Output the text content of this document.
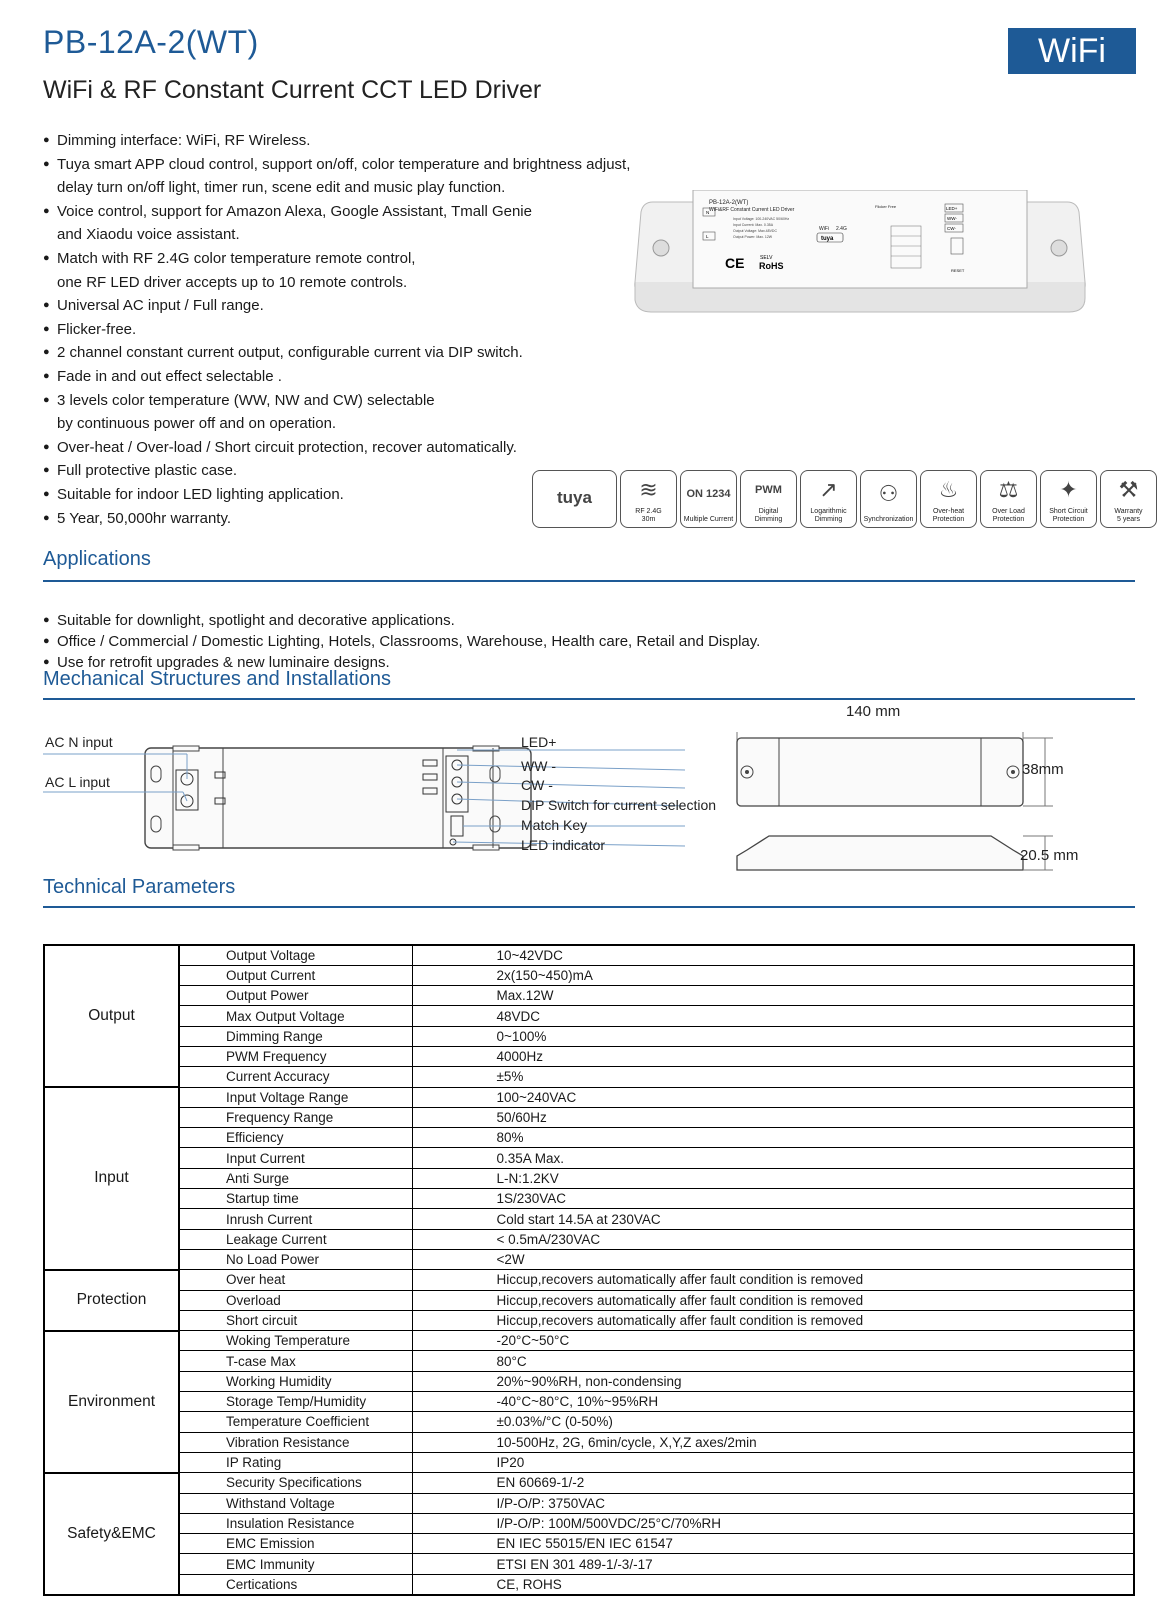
PB-12A-2(WT)
WiFi & RF Constant Current CCT LED Driver
WiFi
● Dimming interface: WiFi, RF Wireless.
● Tuya smart APP cloud control, support on/off, color temperature and brightness adjust,
delay turn on/off light, timer run, scene edit and music play function.
● Voice control, support for Amazon Alexa, Google Assistant, Tmall Genie
and Xiaodu voice assistant.
● Match with RF 2.4G color temperature remote control,
one RF LED driver accepts up to 10 remote controls.
● Universal AC input / Full range.
● Flicker-free.
● 2 channel constant current output, configurable current via DIP switch.
● Fade in and out effect selectable .
● 3 levels color temperature (WW, NW and CW) selectable
by continuous power off and on operation.
● Over-heat / Over-load / Short circuit protection, recover automatically.
● Full protective plastic case.
● Suitable for indoor LED lighting application.
● 5 Year, 50,000hr warranty.
PB-12A-2(WT)
WiFi&RF Constant Current LED Driver
Input Voltage: 100-240VAC 50/60Hz
Input Current: Max. 0.35A
Output Voltage: Max.48VDC
Output Power: Max. 12W
Flicker Free
N
L
WiFi 2.4G
tuya
CE	SELV
RoHS
LED+
WW-
CW-
RESET
tuya ≋
RF 2.4G
30m
ON 1234
Multiple Current
PWM
Digital
Dimming
↗
Logarithmic
Dimming
⚇
Synchronization
♨
Over-heat
Protection
⚖
Over Load
Protection
✦
Short Circuit
Protection
⚒
Warranty
5 years
Applications
● Suitable for downlight, spotlight and decorative applications.
● Office / Commercial / Domestic Lighting, Hotels, Classrooms, Warehouse, Health care, Retail and Display.
● Use for retrofit upgrades & new luminaire designs.
Mechanical Structures and Installations
AC N input
AC L input
LED+
WW -
CW -
DIP Switch for current selection
Match Key
LED indicator
140 mm
38mm
20.5 mm
Technical Parameters
Output	Output Voltage	10~42VDC
	Output Current	2x(150~450)mA
	Output Power	Max.12W
	Max Output Voltage	48VDC
	Dimming Range	0~100%
	PWM Frequency	4000Hz
	Current Accuracy	±5%
Input	Input Voltage Range	100~240VAC
	Frequency Range	50/60Hz
	Efficiency	80%
	Input Current	0.35A Max.
	Anti Surge	L-N:1.2KV
	Startup time	1S/230VAC
	Inrush Current	Cold start 14.5A at 230VAC
	Leakage Current	< 0.5mA/230VAC
	No Load Power	<2W
Protection	Over heat	Hiccup,recovers automatically affer fault condition is removed
	Overload	Hiccup,recovers automatically affer fault condition is removed
	Short circuit	Hiccup,recovers automatically affer fault condition is removed
Environment	Woking Temperature	-20°C~50°C
	T-case Max	80°C
	Working Humidity	20%~90%RH, non-condensing
	Storage Temp/Humidity	-40°C~80°C, 10%~95%RH
	Temperature Coefficient	±0.03%/°C (0-50%)
	Vibration Resistance	10-500Hz, 2G, 6min/cycle, X,Y,Z axes/2min
	IP Rating	IP20
Safety&EMC	Security Specifications	EN 60669-1/-2
	Withstand Voltage	I/P-O/P: 3750VAC
	Insulation Resistance	I/P-O/P: 100M/500VDC/25°C/70%RH
	EMC Emission	EN IEC 55015/EN IEC 61547
	EMC Immunity	ETSI EN 301 489-1/-3/-17
	Certications	CE, ROHS
